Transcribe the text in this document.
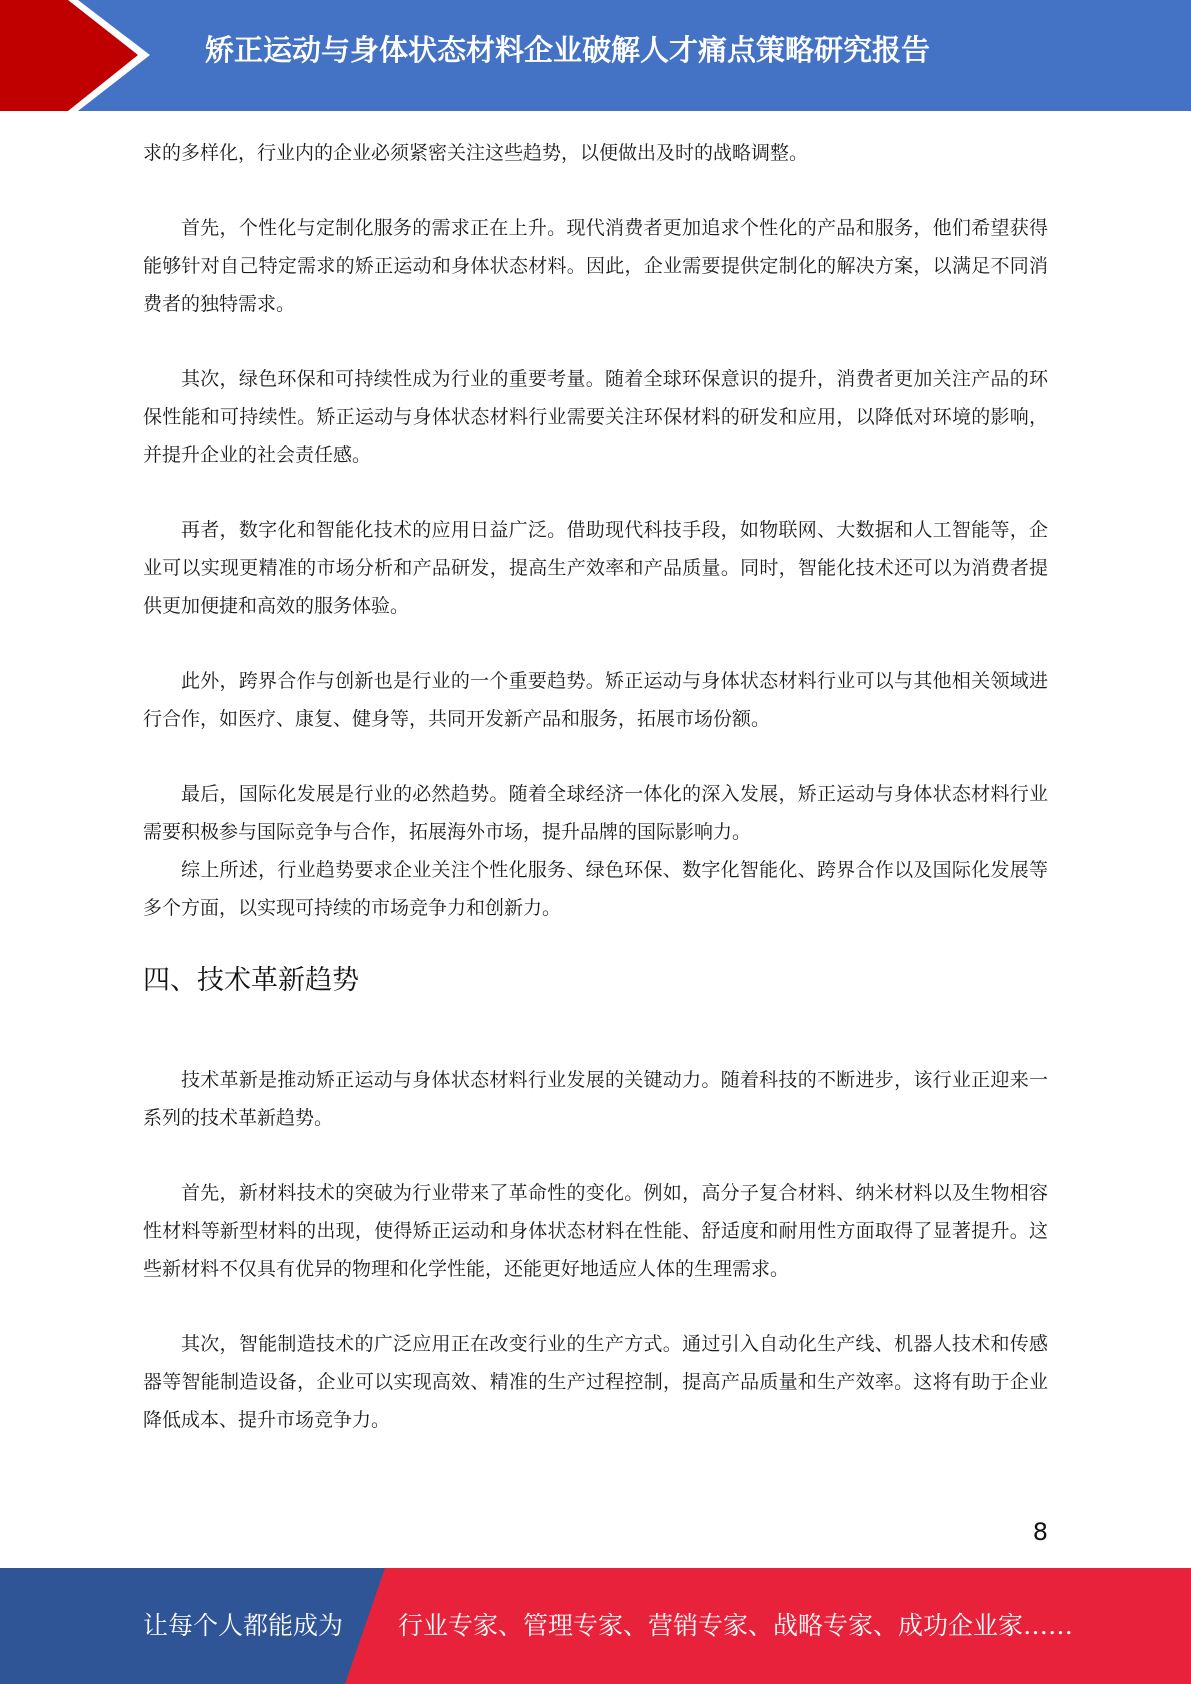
矫正运动与身体状态材料企业破解人才痛点策略研究报告

求的多样化，行业内的企业必须紧密关注这些趋势，以便做出及时的战略调整。

首先，个性化与定制化服务的需求正在上升。现代消费者更加追求个性化的产品和服务，他们希望获得能够针对自己特定需求的矫正运动和身体状态材料。因此，企业需要提供定制化的解决方案，以满足不同消费者的独特需求。

其次，绿色环保和可持续性成为行业的重要考量。随着全球环保意识的提升，消费者更加关注产品的环保性能和可持续性。矫正运动与身体状态材料行业需要关注环保材料的研发和应用，以降低对环境的影响，并提升企业的社会责任感。

再者，数字化和智能化技术的应用日益广泛。借助现代科技手段，如物联网、大数据和人工智能等，企业可以实现更精准的市场分析和产品研发，提高生产效率和产品质量。同时，智能化技术还可以为消费者提供更加便捷和高效的服务体验。

此外，跨界合作与创新也是行业的一个重要趋势。矫正运动与身体状态材料行业可以与其他相关领域进行合作，如医疗、康复、健身等，共同开发新产品和服务，拓展市场份额。

最后，国际化发展是行业的必然趋势。随着全球经济一体化的深入发展，矫正运动与身体状态材料行业需要积极参与国际竞争与合作，拓展海外市场，提升品牌的国际影响力。

综上所述，行业趋势要求企业关注个性化服务、绿色环保、数字化智能化、跨界合作以及国际化发展等多个方面，以实现可持续的市场竞争力和创新力。

四、技术革新趋势

技术革新是推动矫正运动与身体状态材料行业发展的关键动力。随着科技的不断进步，该行业正迎来一系列的技术革新趋势。

首先，新材料技术的突破为行业带来了革命性的变化。例如，高分子复合材料、纳米材料以及生物相容性材料等新型材料的出现，使得矫正运动和身体状态材料在性能、舒适度和耐用性方面取得了显著提升。这些新材料不仅具有优异的物理和化学性能，还能更好地适应人体的生理需求。

其次，智能制造技术的广泛应用正在改变行业的生产方式。通过引入自动化生产线、机器人技术和传感器等智能制造设备，企业可以实现高效、精准的生产过程控制，提高产品质量和生产效率。这将有助于企业降低成本、提升市场竞争力。

8
让每个人都能成为 行业专家、管理专家、营销专家、战略专家、成功企业家……
